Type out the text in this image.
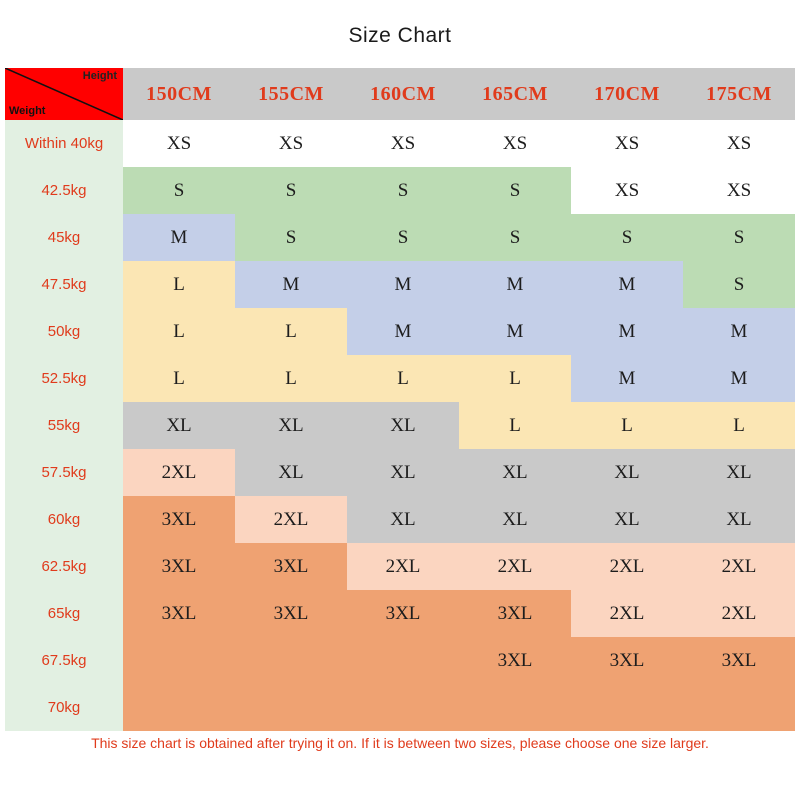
Size Chart
Height
Weight	150CM	155CM	160CM	165CM	170CM	175CM
Within 40kg	XS	XS	XS	XS	XS	XS
42.5kg	S	S	S	S	XS	XS
45kg	M	S	S	S	S	S
47.5kg	L	M	M	M	M	S
50kg	L	L	M	M	M	M
52.5kg	L	L	L	L	M	M
55kg	XL	XL	XL	L	L	L
57.5kg	2XL	XL	XL	XL	XL	XL
60kg	3XL	2XL	XL	XL	XL	XL
62.5kg	3XL	3XL	2XL	2XL	2XL	2XL
65kg	3XL	3XL	3XL	3XL	2XL	2XL
67.5kg				3XL	3XL	3XL
70kg						
This size chart is obtained after trying it on. If it is between two sizes, please choose one size larger.
